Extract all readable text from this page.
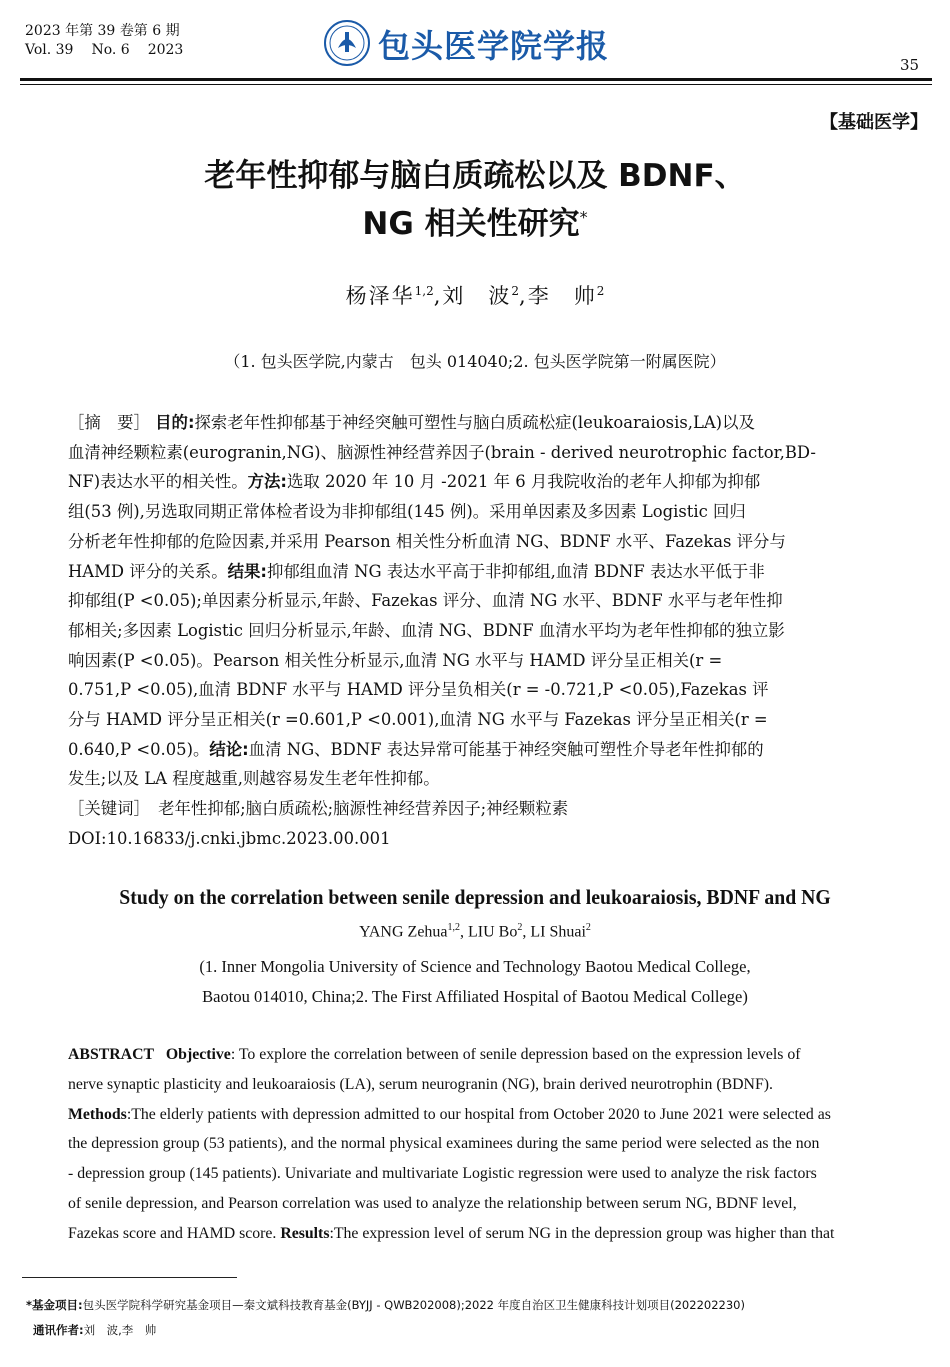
2023 年第 39 卷第 6 期
Vol. 39 No. 6 2023	包头医学院学报	35
【基础医学】
老年性抑郁与脑白质疏松以及 BDNF、
NG 相关性研究*
杨泽华$^{1,2}$,刘　波$^2$,李　帅$^2$
（1. 包头医学院,内蒙古　包头 014040;2. 包头医学院第一附属医院）
［摘　要］ 目的:探索老年性抑郁基于神经突触可塑性与脑白质疏松症(leukoaraiosis,LA)以及
血清神经颗粒素(eurogranin,NG)、脑源性神经营养因子(brain - derived neurotrophic factor,BD-
NF)表达水平的相关性。方法:选取 2020 年 10 月 -2021 年 6 月我院收治的老年人抑郁为抑郁
组(53 例),另选取同期正常体检者设为非抑郁组(145 例)。采用单因素及多因素 Logistic 回归
分析老年性抑郁的危险因素,并采用 Pearson 相关性分析血清 NG、BDNF 水平、Fazekas 评分与
HAMD 评分的关系。结果:抑郁组血清 NG 表达水平高于非抑郁组,血清 BDNF 表达水平低于非
抑郁组(P <0.05);单因素分析显示,年龄、Fazekas 评分、血清 NG 水平、BDNF 水平与老年性抑
郁相关;多因素 Logistic 回归分析显示,年龄、血清 NG、BDNF 血清水平均为老年性抑郁的独立影
响因素(P <0.05)。Pearson 相关性分析显示,血清 NG 水平与 HAMD 评分呈正相关(r =
0.751,P <0.05),血清 BDNF 水平与 HAMD 评分呈负相关(r = -0.721,P <0.05),Fazekas 评
分与 HAMD 评分呈正相关(r =0.601,P <0.001),血清 NG 水平与 Fazekas 评分呈正相关(r =
0.640,P <0.05)。结论:血清 NG、BDNF 表达异常可能基于神经突触可塑性介导老年性抑郁的
发生;以及 LA 程度越重,则越容易发生老年性抑郁。
［关键词］　 老年性抑郁;脑白质疏松;脑源性神经营养因子;神经颗粒素
DOI:10.16833/j.cnki.jbmc.2023.00.001
Study on the correlation between senile depression and leukoaraiosis, BDNF and NG
YANG Zehua$^{1,2}$, LIU Bo$^2$, LI Shuai$^2$
(1. Inner Mongolia University of Science and Technology Baotou Medical College,
Baotou 014010, China;2. The First Affiliated Hospital of Baotou Medical College)
ABSTRACT Objective: To explore the correlation between of senile depression based on the expression levels of
nerve synaptic plasticity and leukoaraiosis (LA), serum neurogranin (NG), brain derived neurotrophin (BDNF).
Methods:The elderly patients with depression admitted to our hospital from October 2020 to June 2021 were selected as
the depression group (53 patients), and the normal physical examinees during the same period were selected as the non
- depression group (145 patients). Univariate and multivariate Logistic regression were used to analyze the risk factors
of senile depression, and Pearson correlation was used to analyze the relationship between serum NG, BDNF level,
Fazekas score and HAMD score. Results:The expression level of serum NG in the depression group was higher than that
*基金项目:包头医学院科学研究基金项目—秦文斌科技教育基金(BYJJ - QWB202008);2022 年度自治区卫生健康科技计划项目(202202230)
通讯作者:刘　波,李　帅
